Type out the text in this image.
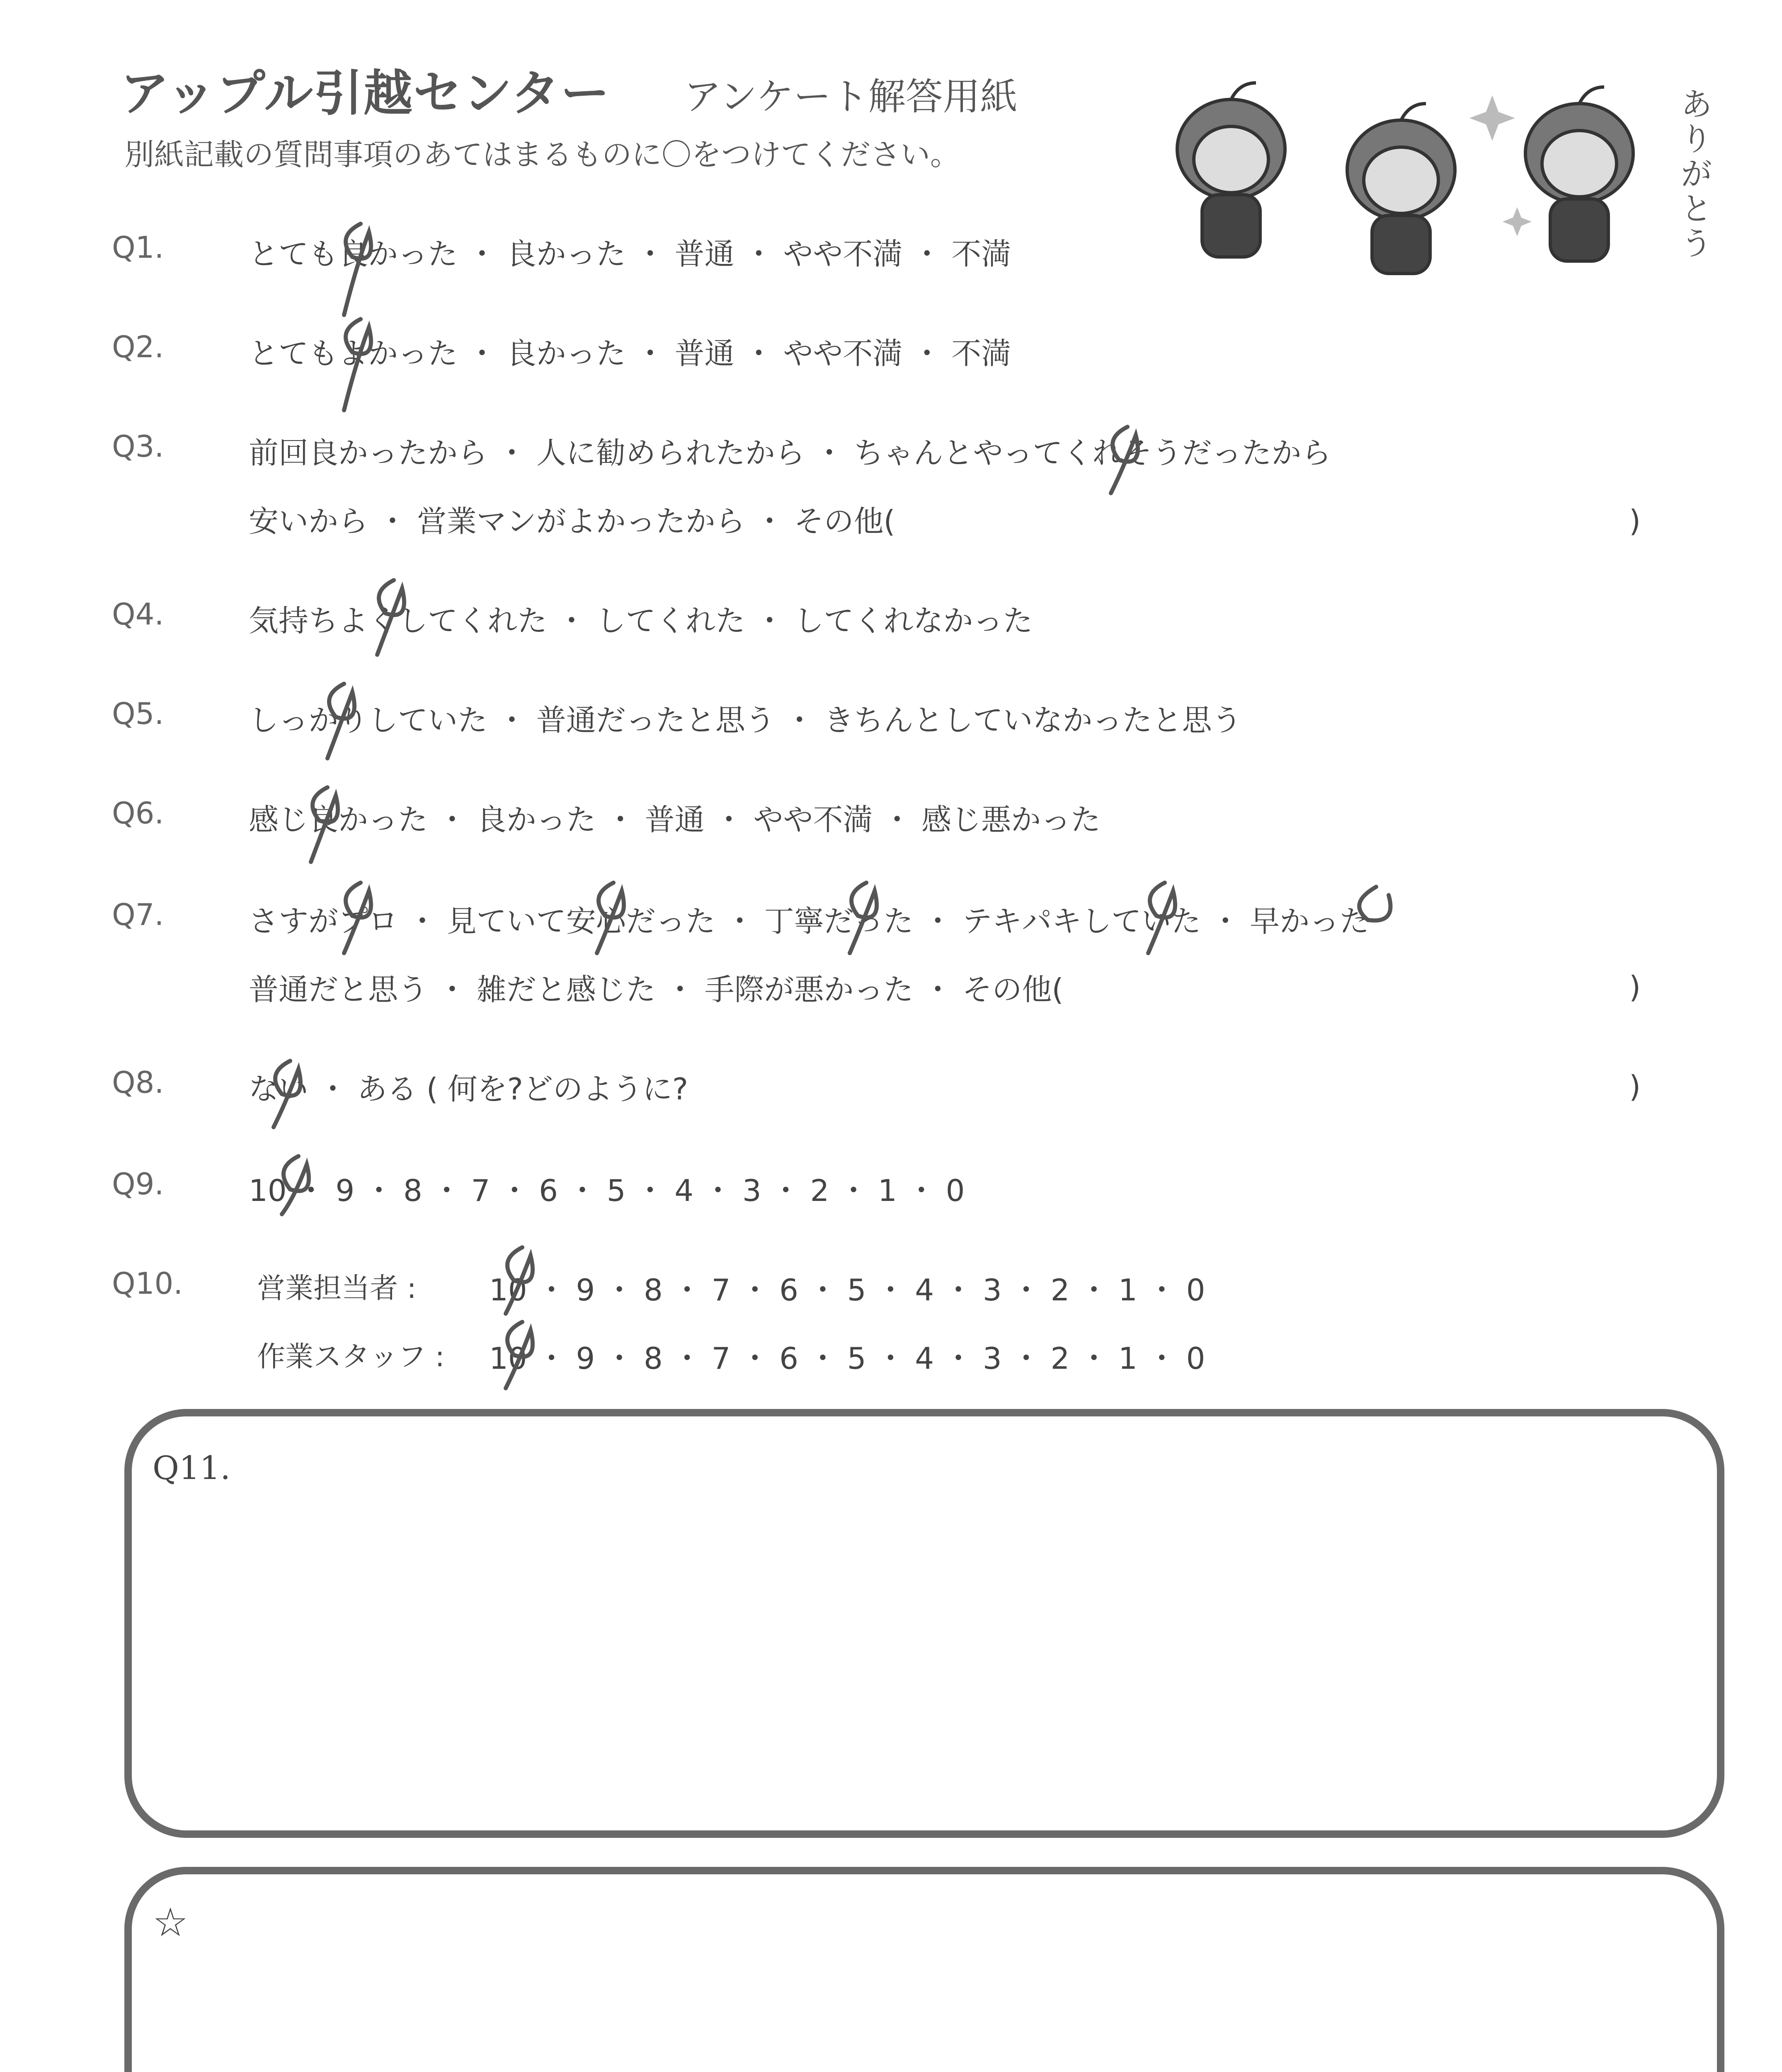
アップル引越センター アンケート解答用紙
別紙記載の質問事項のあてはまるものに〇をつけてください。	ありがとう
Q1.	とても良かった ・ 良かった ・ 普通 ・ やや不満 ・ 不満
Q2.	とてもよかった ・ 良かった ・ 普通 ・ やや不満 ・ 不満
Q3.	前回良かったから ・ 人に勧められたから ・ ちゃんとやってくれそうだったから
安いから ・ 営業マンがよかったから ・ その他(	)
Q4.	気持ちよくしてくれた ・ してくれた ・ してくれなかった
Q5.	しっかりしていた ・ 普通だったと思う ・ きちんとしていなかったと思う
Q6.	感じ良かった ・ 良かった ・ 普通 ・ やや不満 ・ 感じ悪かった
Q7.	さすがプロ ・ 見ていて安心だった ・ 丁寧だった ・ テキパキしていた ・ 早かった
普通だと思う ・ 雑だと感じた ・ 手際が悪かった ・ その他(	)
Q8.	ない ・ ある ( 何を?どのように?	)
Q9.	10 ・ 9 ・ 8 ・ 7 ・ 6 ・ 5 ・ 4 ・ 3 ・ 2 ・ 1 ・ 0
Q10.	営業担当者 : 10 ・ 9 ・ 8 ・ 7 ・ 6 ・ 5 ・ 4 ・ 3 ・ 2 ・ 1 ・ 0
作業スタッフ : 10 ・ 9 ・ 8 ・ 7 ・ 6 ・ 5 ・ 4 ・ 3 ・ 2 ・ 1 ・ 0
Q11.
☆
